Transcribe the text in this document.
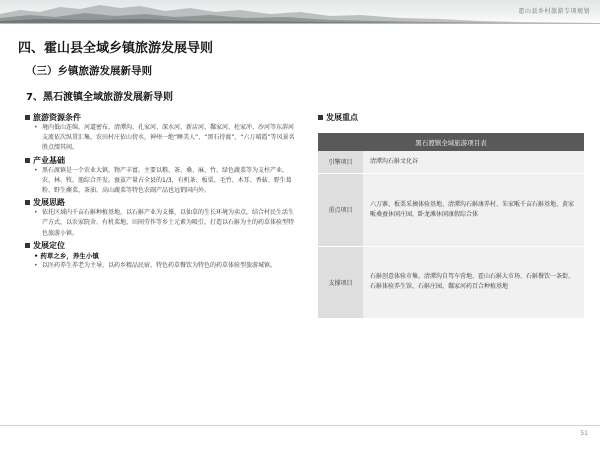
霍山县乡村旅游专项规划
四、霍山县全域乡镇旅游发展导则
（三）乡镇旅游发展新导则
7、黑石渡镇全域旅游发展新导则
旅游资源条件
• 境内低山连绵，河道密布，清潭沟、孔家河、深水河、新店河、鄱家河、杜家冲、沙河等东淠河支流依次纵贯汇集，农田村庄依山傍水，神州一绝“睡美人”、“黑石待渡”、“六万晴霞”等风景名胜点缀其间。
产业基础
• 黑石渡镇是一个农业大镇，物产丰富，主要以粮、茶、桑、麻、竹、绿色蔬菜等为支柱产业，农、林、牧、渔综合开发。蚕茧产量占全县的1/3，有机茶、板栗、毛竹、木耳、香菇、野生葛粉、野生蕨菜、茶油、高山蔬菜等特色农副产品也远销国内外。
发展思路
• 依托区域内千亩石斛种植基地，以石斛产业为支撑，以仙草的生长环境为卖点，结合村民生活生产方式，以农家院舍、有机菜地、田间劳作等乡土元素为吸引，打造以石斛为主的药草体验型特色旅游小镇。
发展定位
• 药草之乡，养生小镇
• 以医药养生养老为主导，以药乡精品民宿、特色药草餐饮为特色的药草体验型旅游城镇。
发展重点
黑石渡镇全域旅游项目表	
引擎项目	清潭沟石斛文化谷
重点项目	六万寨、板栗采摘体验基地、清潭沟石斛康养村、朱家畈千亩石斛基地、黄家畈桑蚕休闲庄园、卧龙滩休闲康假综合体
支撑项目	石斛创意体验市集、清潭沟自驾车营地、霍山石斛大市场、石斛餐饮一条街、石斛体验养生馆、石斛庄园、鄱家河药百合种植基地
51
